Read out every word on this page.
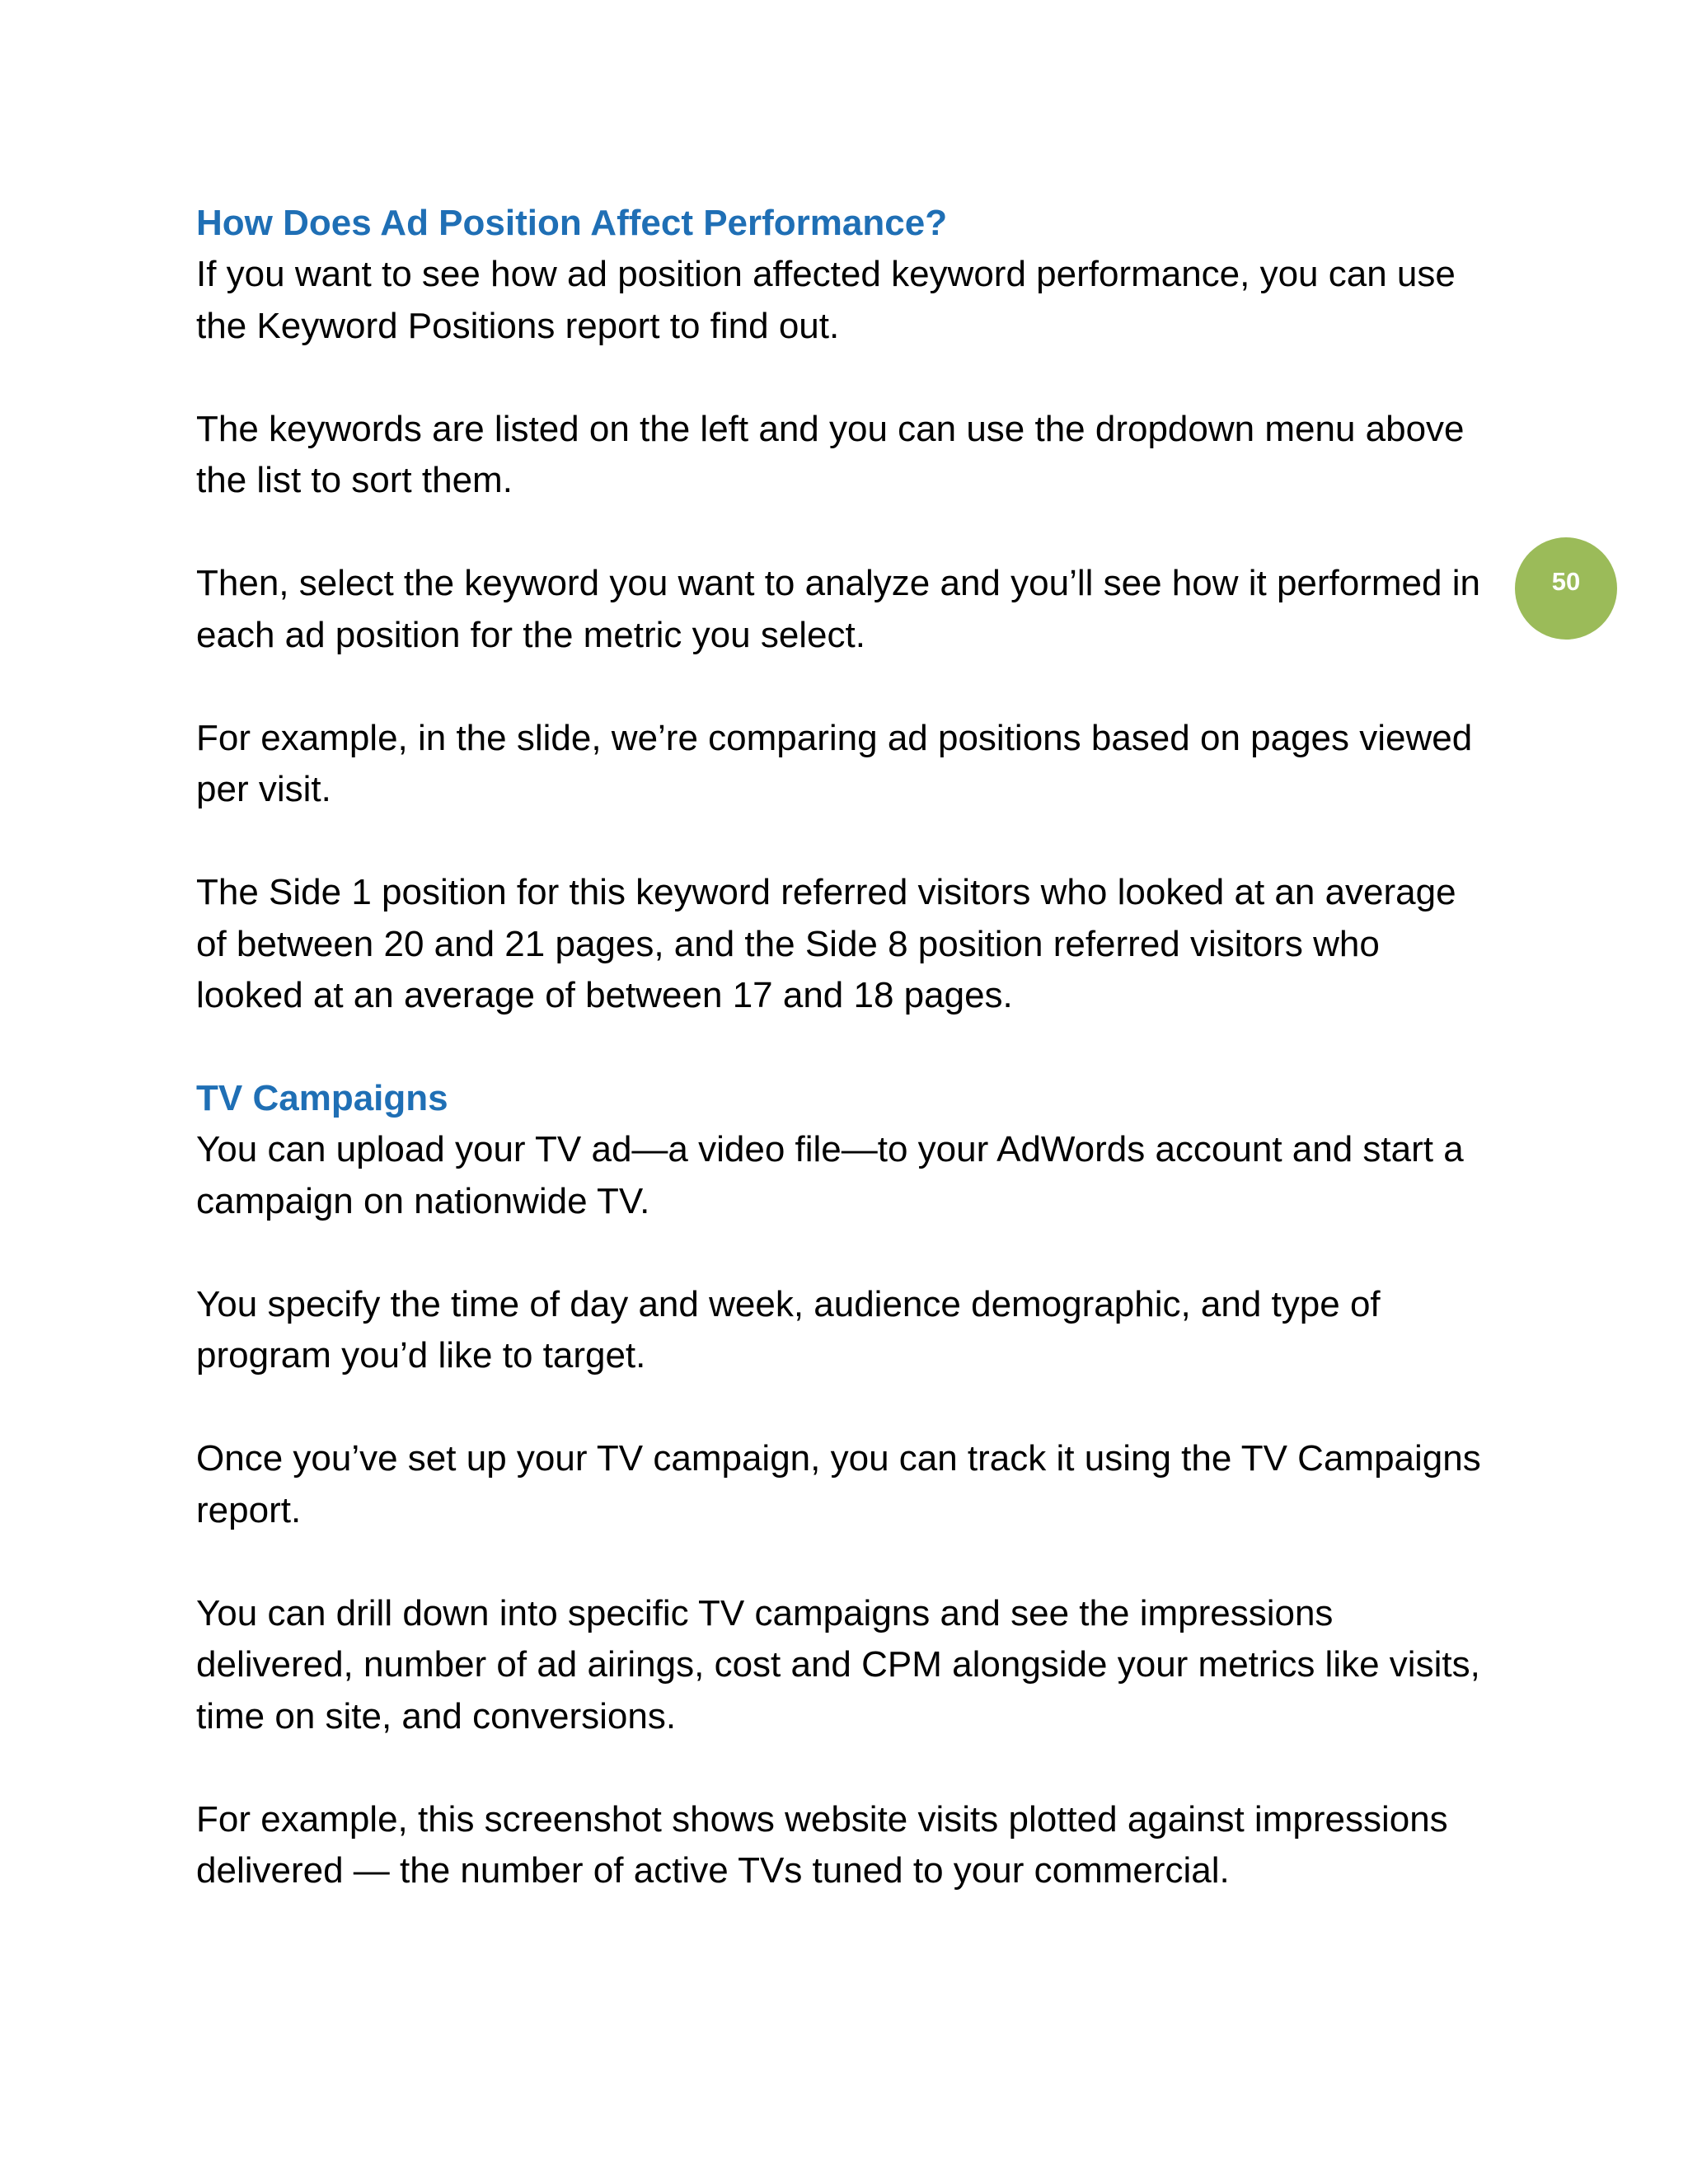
50
How Does Ad Position Affect Performance?

If you want to see how ad position affected keyword performance, you can use the Keyword Positions report to find out.

The keywords are listed on the left and you can use the dropdown menu above the list to sort them.

Then, select the keyword you want to analyze and you’ll see how it performed in each ad position for the metric you select.

For example, in the slide, we’re comparing ad positions based on pages viewed per visit.

The Side 1 position for this keyword referred visitors who looked at an average of between 20 and 21 pages, and the Side 8 position referred visitors who looked at an average of between 17 and 18 pages.

TV Campaigns

You can upload your TV ad—a video file—to your AdWords account and start a campaign on nationwide TV.

You specify the time of day and week, audience demographic, and type of program you’d like to target.

Once you’ve set up your TV campaign, you can track it using the TV Campaigns report.

You can drill down into specific TV campaigns and see the impressions delivered, number of ad airings, cost and CPM alongside your metrics like visits, time on site, and conversions.

For example, this screenshot shows website visits plotted against impressions delivered — the number of active TVs tuned to your commercial.
